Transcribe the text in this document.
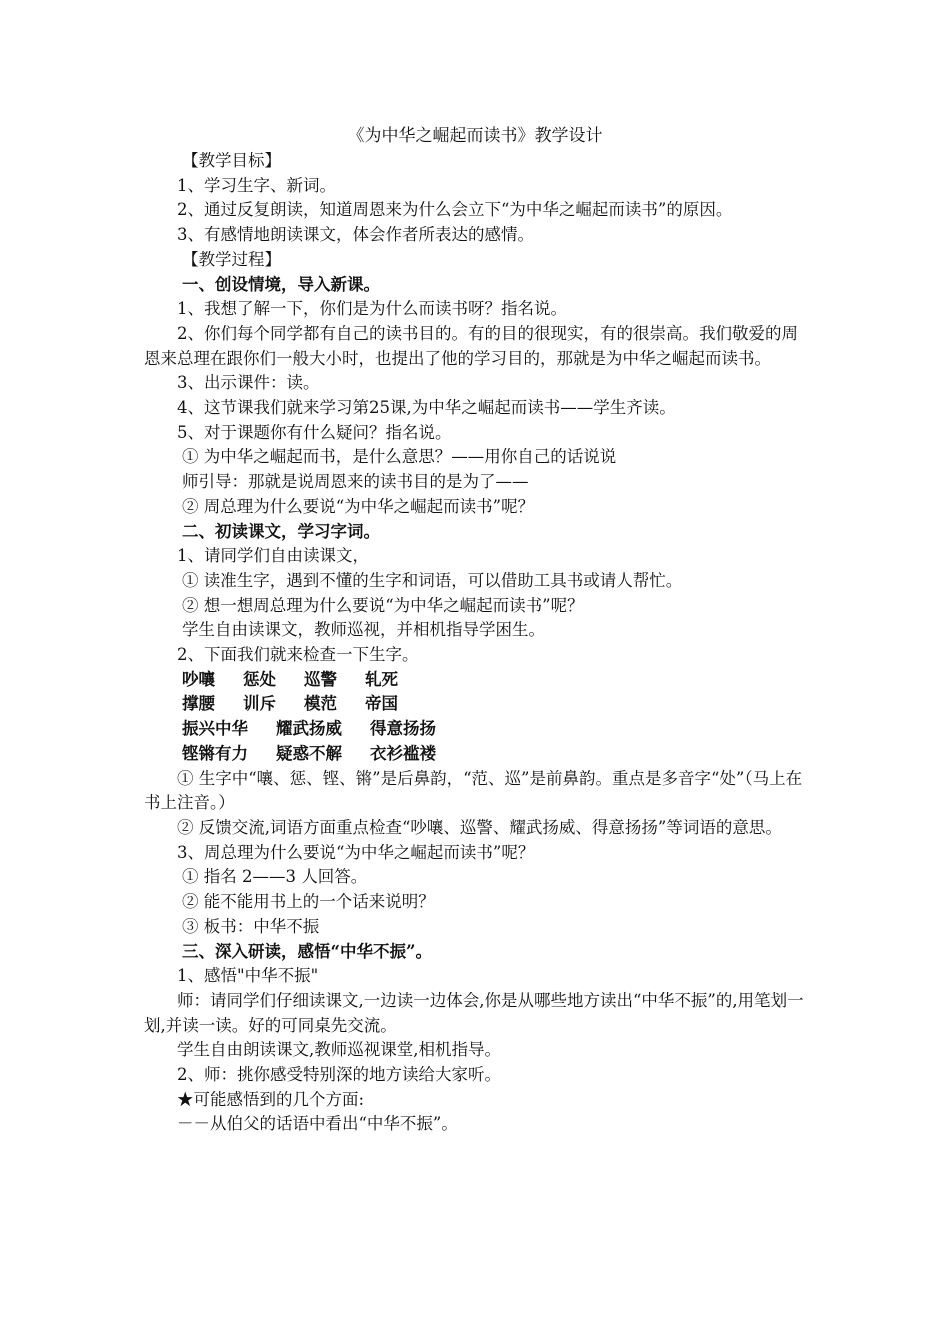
《为中华之崛起而读书》教学设计

【教学目标】

1、学习生字、新词。

2、通过反复朗读，知道周恩来为什么会立下“为中华之崛起而读书”的原因。

3、有感情地朗读课文，体会作者所表达的感情。

【教学过程】

一、创设情境，导入新课。

1、我想了解一下，你们是为什么而读书呀？指名说。

2、你们每个同学都有自己的读书目的。有的目的很现实，有的很崇高。我们敬爱的周恩来总理在跟你们一般大小时，也提出了他的学习目的，那就是为中华之崛起而读书。

3、出示课件：读。

4、这节课我们就来学习第25课,为中华之崛起而读书——学生齐读。

5、对于课题你有什么疑问？指名说。

① 为中华之崛起而书，是什么意思？——用你自己的话说说

师引导：那就是说周恩来的读书目的是为了——

② 周总理为什么要说“为中华之崛起而读书”呢？

二、初读课文，学习字词。

1、请同学们自由读课文，

① 读准生字，遇到不懂的生字和词语，可以借助工具书或请人帮忙。

② 想一想周总理为什么要说“为中华之崛起而读书”呢？

学生自由读课文，教师巡视，并相机指导学困生。

2、下面我们就来检查一下生字。

吵嚷 惩处 巡警 轧死
撑腰 训斥 模范 帝国
振兴中华 耀武扬威 得意扬扬
铿锵有力 疑惑不解 衣衫褴褛

① 生字中“嚷、惩、铿、锵”是后鼻韵，“范、巡”是前鼻韵。重点是多音字“处”（马上在书上注音。）

② 反馈交流,词语方面重点检查“吵嚷、巡警、耀武扬威、得意扬扬”等词语的意思。

3、周总理为什么要说“为中华之崛起而读书”呢？

① 指名 2——3 人回答。

② 能不能用书上的一个话来说明？

③ 板书：中华不振

三、深入研读，感悟“中华不振”。

1、感悟"中华不振"

师：请同学们仔细读课文,一边读一边体会,你是从哪些地方读出“中华不振”的,用笔划一划,并读一读。好的可同桌先交流。

学生自由朗读课文,教师巡视课堂,相机指导。

2、师：挑你感受特别深的地方读给大家听。

★可能感悟到的几个方面:

－－从伯父的话语中看出“中华不振”。
